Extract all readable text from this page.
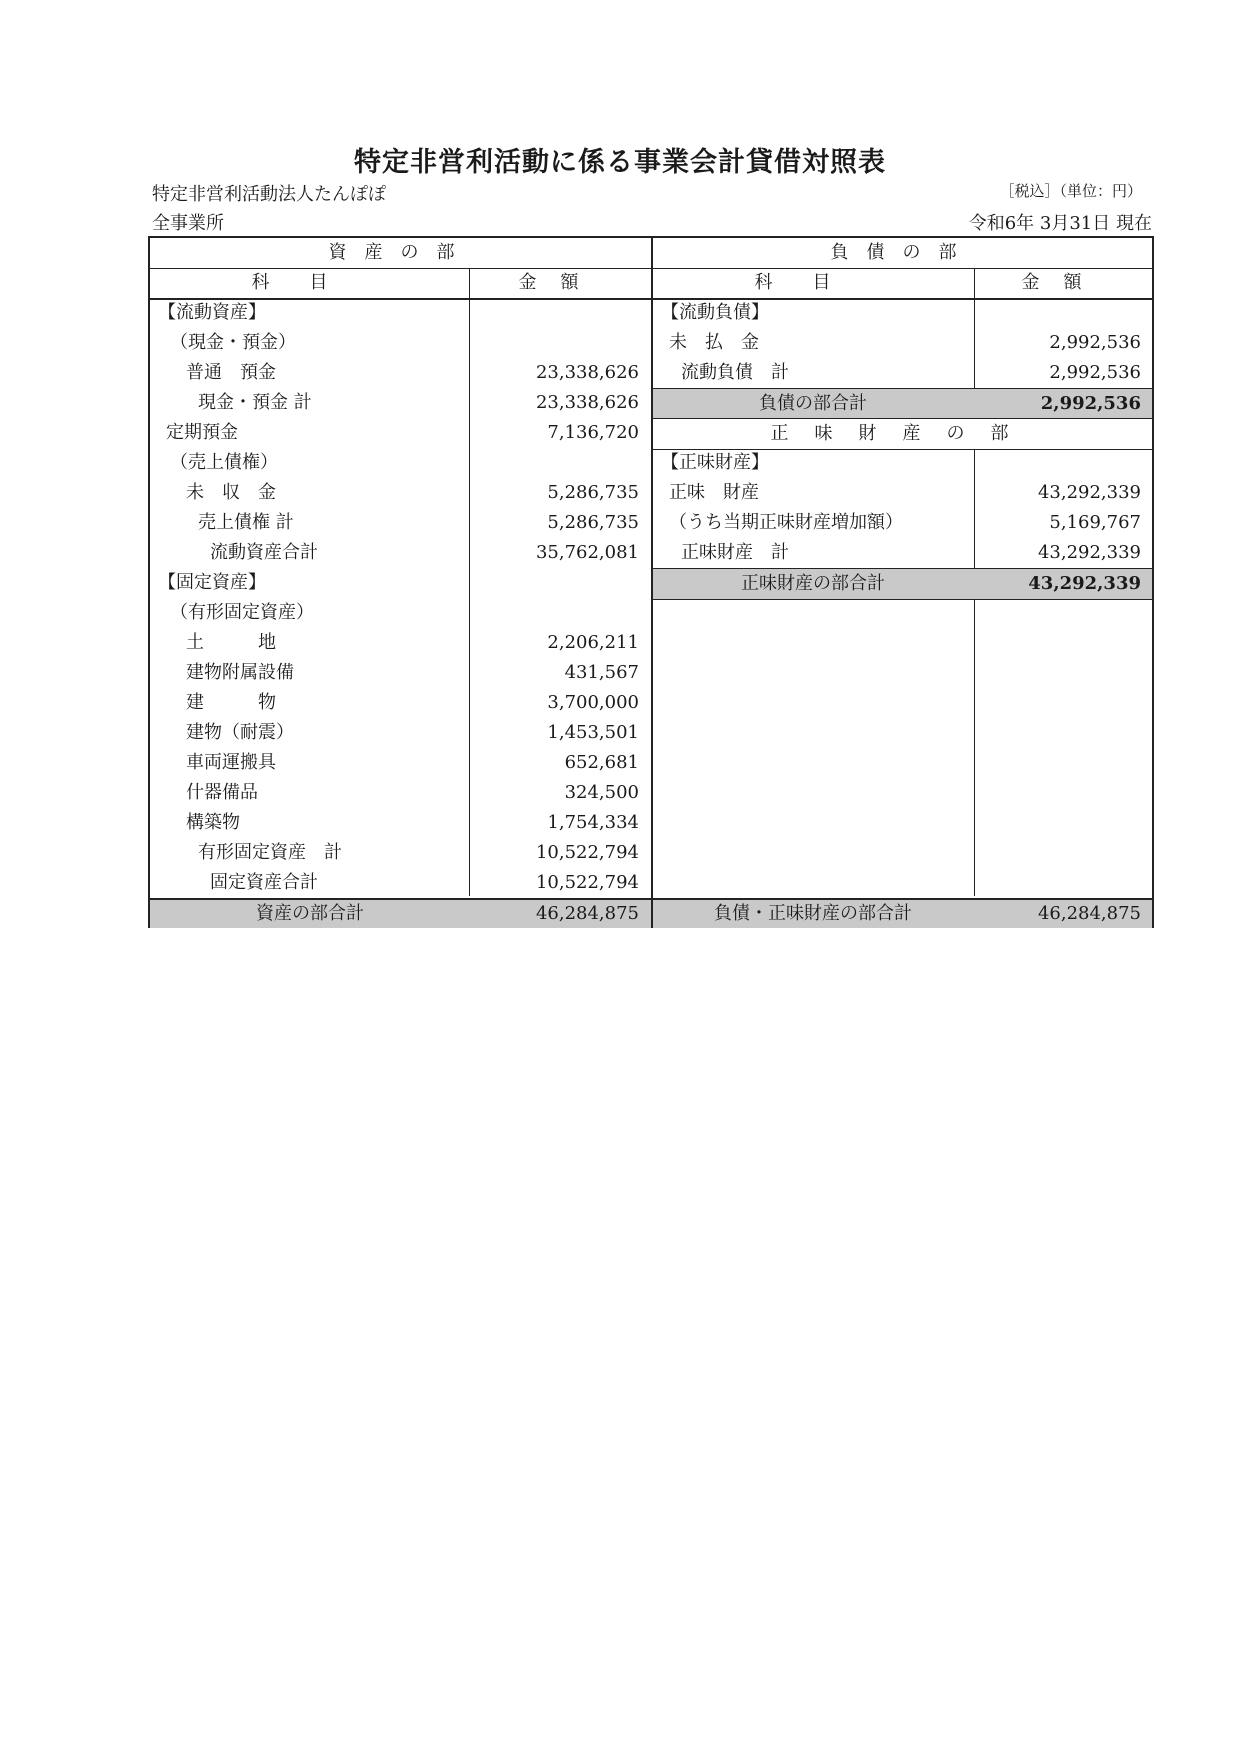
特定非営利活動に係る事業会計貸借対照表
特定非営利活動法人たんぽぽ	［税込］（単位：円）
全事業所	令和6年 3月31日 現在
資産の部
科目	金額
【流動資産】
（現金・預金）
普通　預金	23,338,626
現金・預金 計	23,338,626
定期預金	7,136,720
（売上債権）
未　収　金	5,286,735
売上債権 計	5,286,735
流動資産合計	35,762,081
【固定資産】
（有形固定資産）
土　　　地	2,206,211
建物附属設備	431,567
建　　　物	3,700,000
建物（耐震）	1,453,501
車両運搬具	652,681
什器備品	324,500
構築物	1,754,334
有形固定資産　計	10,522,794
固定資産合計	10,522,794
資産の部合計	46,284,875
負債の部
科目	金額
【流動負債】
未　払　金	2,992,536
流動負債　計	2,992,536
負債の部合計	2,992,536
正味財産の部
【正味財産】
正味　財産	43,292,339
（うち当期正味財産増加額）	5,169,767
正味財産　計	43,292,339
正味財産の部合計	43,292,339
負債・正味財産の部合計	46,284,875
